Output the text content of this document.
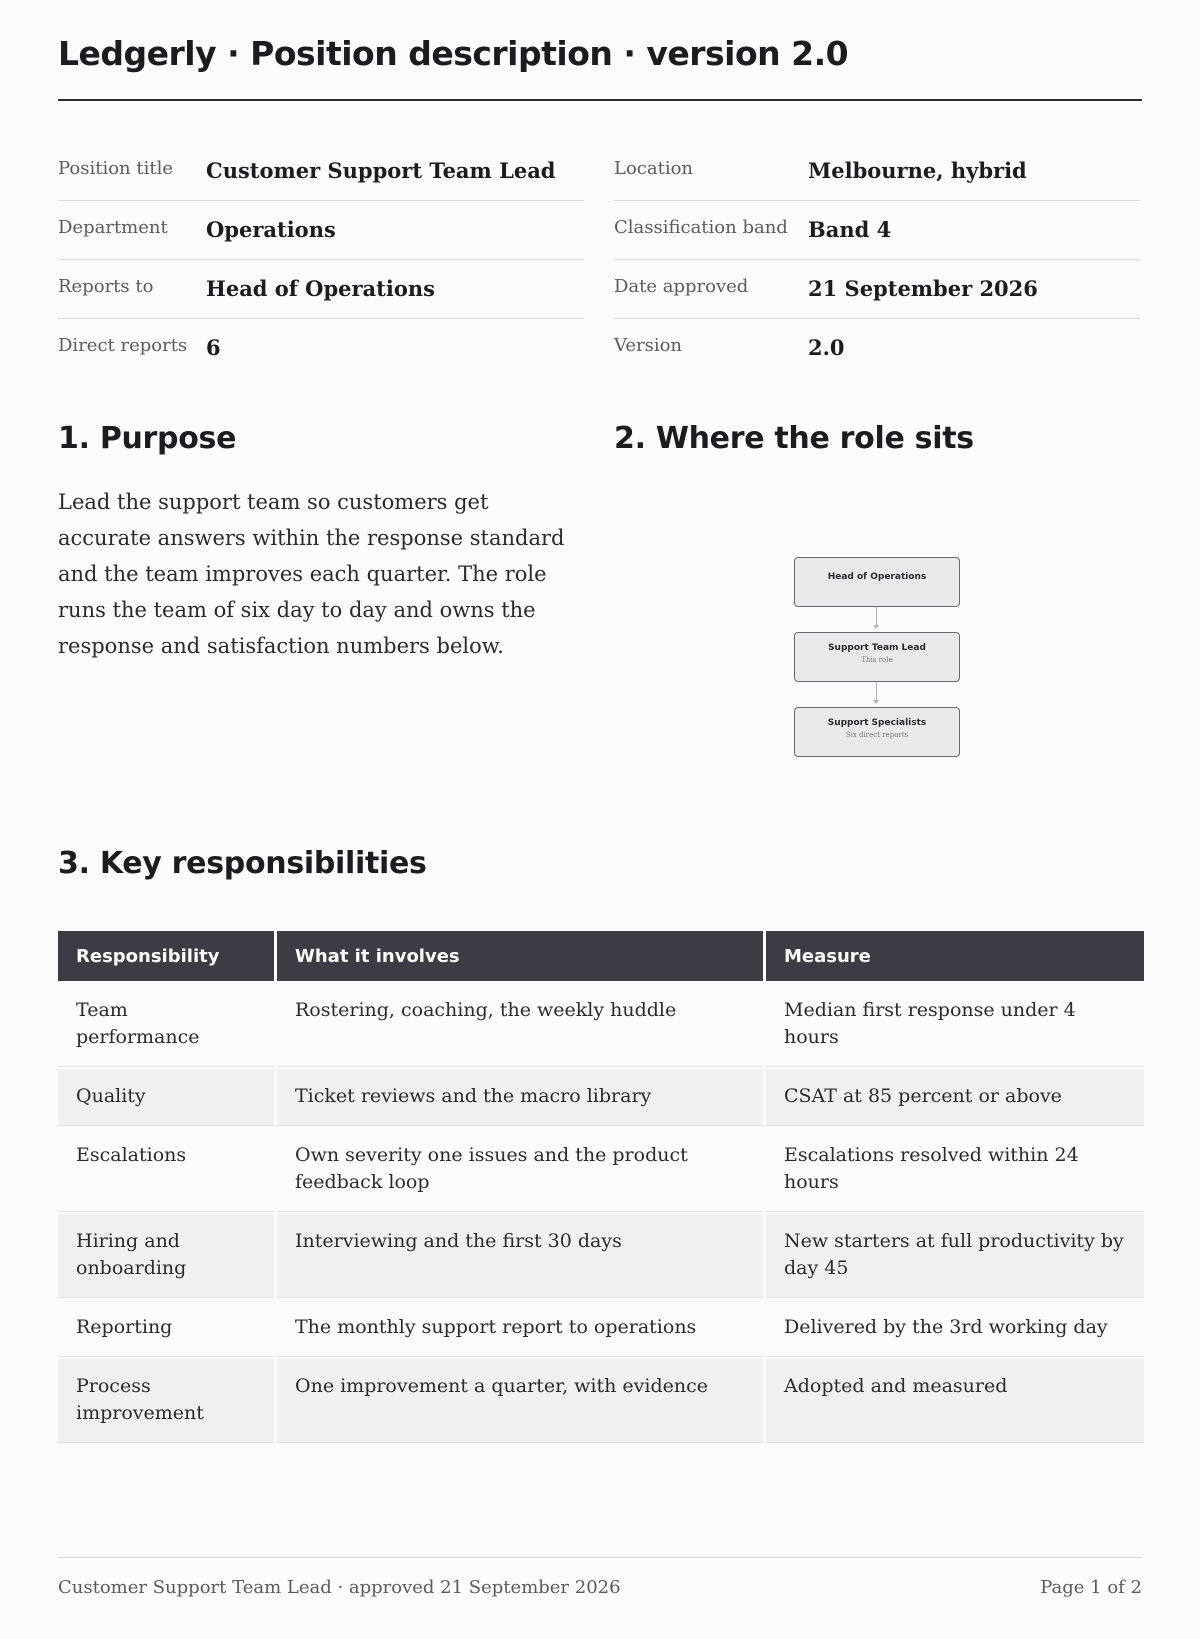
Ledgerly · Position description · version 2.0
Position title Customer Support Team Lead
Department Operations
Reports to	Head of Operations
Direct reports 6
Location	Melbourne, hybrid
Classification band Band 4
Date approved	21 September 2026
Version	2.0
1. Purpose

Lead the support team so customers get accurate answers within the response standard and the team improves each quarter. The role runs the team of six day to day and owns the response and satisfaction numbers below.

2. Where the role sits
Head of Operations
Support Team Lead
This role
Support Specialists
Six direct reports
3. Key responsibilities
Responsibility	What it involves	Measure
Team performance	Rostering, coaching, the weekly huddle	Median first response under 4 hours
Quality	Ticket reviews and the macro library	CSAT at 85 percent or above
Escalations	Own severity one issues and the product feedback loop	Escalations resolved within 24 hours
Hiring and onboarding	Interviewing and the first 30 days	New starters at full productivity by day 45
Reporting	The monthly support report to operations	Delivered by the 3rd working day
Process improvement	One improvement a quarter, with evidence	Adopted and measured
Customer Support Team Lead · approved 21 September 2026	Page 1 of 2
